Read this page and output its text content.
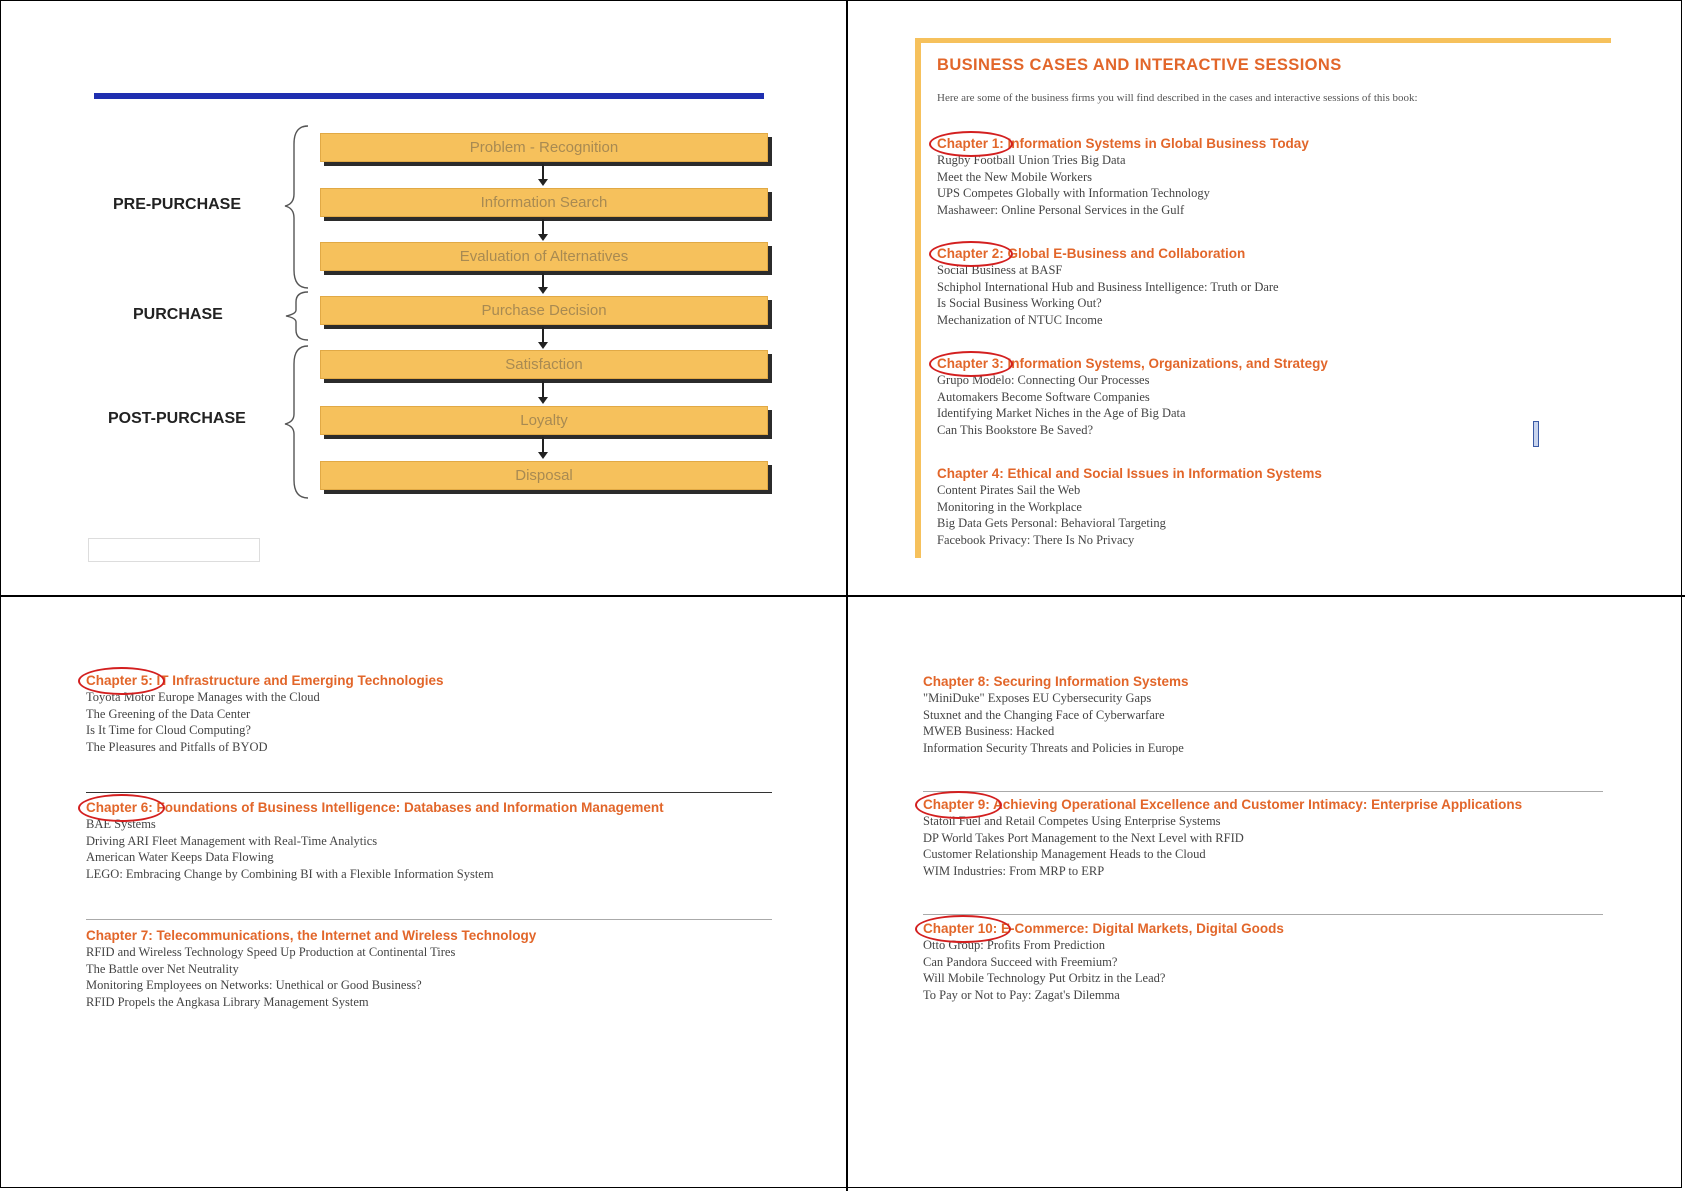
PRE-PURCHASE
PURCHASE
POST-PURCHASE
Problem - Recognition
Information Search
Evaluation of Alternatives
Purchase Decision
Satisfaction
Loyalty
Disposal
BUSINESS CASES AND INTERACTIVE SESSIONS
Here are some of the business firms you will find described in the cases and interactive sessions of this book:
Chapter 1: Information Systems in Global Business Today
Rugby Football Union Tries Big Data
Meet the New Mobile Workers
UPS Competes Globally with Information Technology
Mashaweer: Online Personal Services in the Gulf
Chapter 2: Global E-Business and Collaboration
Social Business at BASF
Schiphol International Hub and Business Intelligence: Truth or Dare
Is Social Business Working Out?
Mechanization of NTUC Income
Chapter 3: Information Systems, Organizations, and Strategy
Grupo Modelo: Connecting Our Processes
Automakers Become Software Companies
Identifying Market Niches in the Age of Big Data
Can This Bookstore Be Saved?
Chapter 4: Ethical and Social Issues in Information Systems
Content Pirates Sail the Web
Monitoring in the Workplace
Big Data Gets Personal: Behavioral Targeting
Facebook Privacy: There Is No Privacy
Chapter 5: IT Infrastructure and Emerging Technologies
Toyota Motor Europe Manages with the Cloud
The Greening of the Data Center
Is It Time for Cloud Computing?
The Pleasures and Pitfalls of BYOD
Chapter 6: Foundations of Business Intelligence: Databases and Information Management
BAE Systems
Driving ARI Fleet Management with Real-Time Analytics
American Water Keeps Data Flowing
LEGO: Embracing Change by Combining BI with a Flexible Information System
Chapter 7: Telecommunications, the Internet and Wireless Technology
RFID and Wireless Technology Speed Up Production at Continental Tires
The Battle over Net Neutrality
Monitoring Employees on Networks: Unethical or Good Business?
RFID Propels the Angkasa Library Management System
Chapter 8: Securing Information Systems
"MiniDuke" Exposes EU Cybersecurity Gaps
Stuxnet and the Changing Face of Cyberwarfare
MWEB Business: Hacked
Information Security Threats and Policies in Europe
Chapter 9: Achieving Operational Excellence and Customer Intimacy: Enterprise Applications
Statoil Fuel and Retail Competes Using Enterprise Systems
DP World Takes Port Management to the Next Level with RFID
Customer Relationship Management Heads to the Cloud
WIM Industries: From MRP to ERP
Chapter 10: E-Commerce: Digital Markets, Digital Goods
Otto Group: Profits From Prediction
Can Pandora Succeed with Freemium?
Will Mobile Technology Put Orbitz in the Lead?
To Pay or Not to Pay: Zagat's Dilemma
